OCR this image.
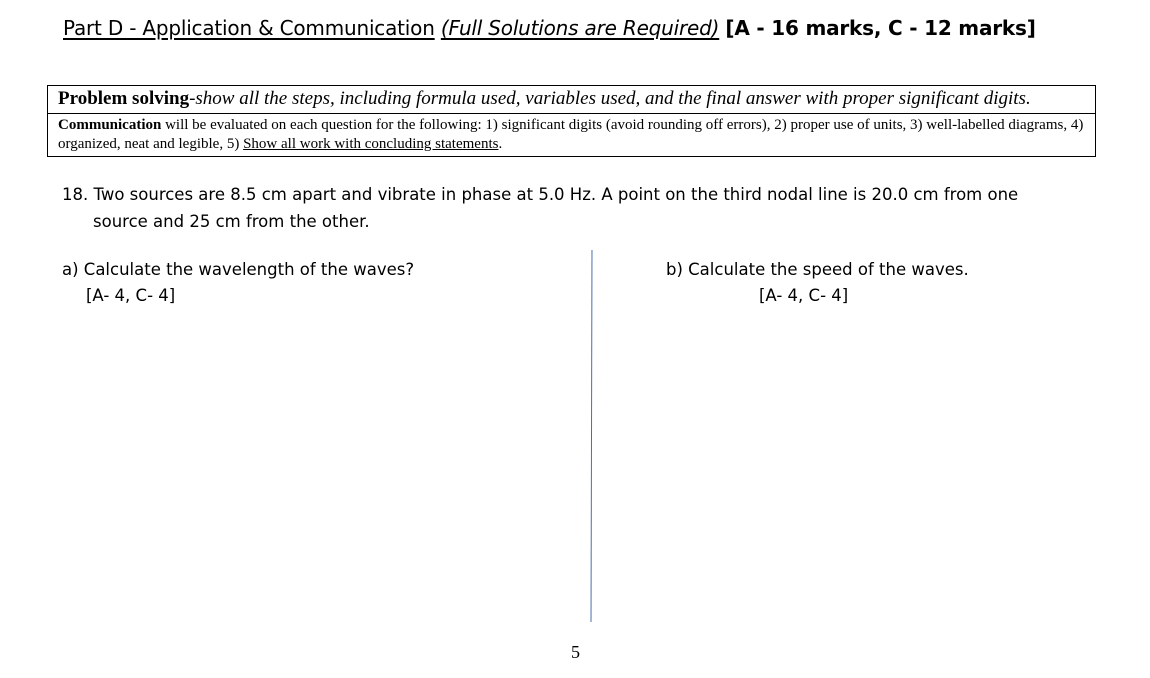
Part D - Application & Communication (Full Solutions are Required) [A - 16 marks, C - 12 marks]
Problem solving-show all the steps, including formula used, variables used, and the final answer with proper significant digits.
Communication will be evaluated on each question for the following: 1) significant digits (avoid rounding off errors), 2) proper use of units, 3) well-labelled diagrams, 4) organized, neat and legible, 5) Show all work with concluding statements.
18. Two sources are 8.5 cm apart and vibrate in phase at 5.0 Hz. A point on the third nodal line is 20.0 cm from one
source and 25 cm from the other.
a) Calculate the wavelength of the waves?
[A- 4, C- 4]
b) Calculate the speed of the waves.
[A- 4, C- 4]
5
